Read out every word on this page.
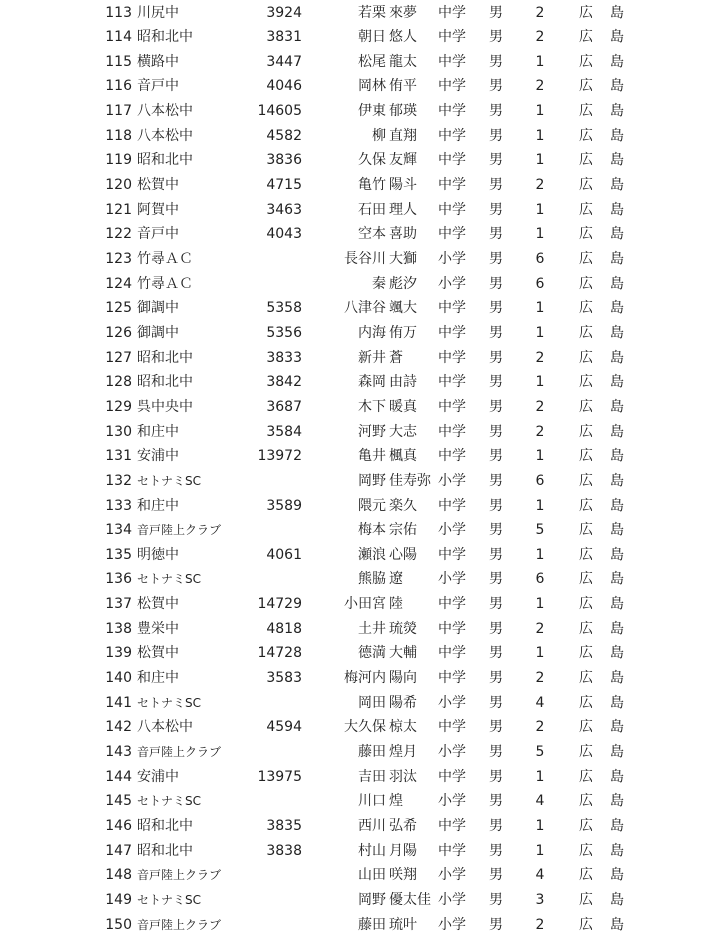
113 川尻中	3924	若栗 來夢	中学 男 2 広 島
114 昭和北中	3831	朝日 悠人	中学 男 2 広 島
115 横路中	3447	松尾 龍太	中学 男 1 広 島
116 音戸中	4046	岡林 侑平	中学 男 2 広 島
117 八本松中	14605	伊東 郁瑛	中学 男 1 広 島
118 八本松中	4582	柳 直翔	中学 男 1 広 島
119 昭和北中	3836	久保 友輝	中学 男 1 広 島
120 松賀中	4715	亀竹 陽斗	中学 男 2 広 島
121 阿賀中	3463	石田 理人	中学 男 1 広 島
122 音戸中	4043	空本 喜助	中学 男 1 広 島
123 竹尋ＡＣ	長谷川 大獅	小学 男 6 広 島
124 竹尋ＡＣ	秦 彪汐	小学 男 6 広 島
125 御調中	5358	八津谷 颯大	中学 男 1 広 島
126 御調中	5356	内海 侑万	中学 男 1 広 島
127 昭和北中	3833	新井 蒼	中学 男 2 広 島
128 昭和北中	3842	森岡 由詩	中学 男 1 広 島
129 呉中央中	3687	木下 暖真	中学 男 2 広 島
130 和庄中	3584	河野 大志	中学 男 2 広 島
131 安浦中	13972	亀井 楓真	中学 男 1 広 島
132 セトナミSC	岡野 佳寿弥 小学 男 6 広 島
133 和庄中	3589	隈元 楽久	中学 男 1 広 島
134 音戸陸上クラブ	梅本 宗佑	小学 男 5 広 島
135 明徳中	4061	瀬浪 心陽	中学 男 1 広 島
136 セトナミSC	熊脇 遼	小学 男 6 広 島
137 松賀中	14729	小田宮 陸	中学 男 1 広 島
138 豊栄中	4818	土井 琉熒	中学 男 2 広 島
139 松賀中	14728	德満 大輔	中学 男 1 広 島
140 和庄中	3583	梅河内 陽向	中学 男 2 広 島
141 セトナミSC	岡田 陽希	小学 男 4 広 島
142 八本松中	4594	大久保 椋太	中学 男 2 広 島
143 音戸陸上クラブ	藤田 煌月	小学 男 5 広 島
144 安浦中	13975	吉田 羽汰	中学 男 1 広 島
145 セトナミSC	川口 煌	小学 男 4 広 島
146 昭和北中	3835	西川 弘希	中学 男 1 広 島
147 昭和北中	3838	村山 月陽	中学 男 1 広 島
148 音戸陸上クラブ	山田 咲翔	小学 男 4 広 島
149 セトナミSC	岡野 優太佳 小学 男 3 広 島
150 音戸陸上クラブ	藤田 琉叶	小学 男 2 広 島
